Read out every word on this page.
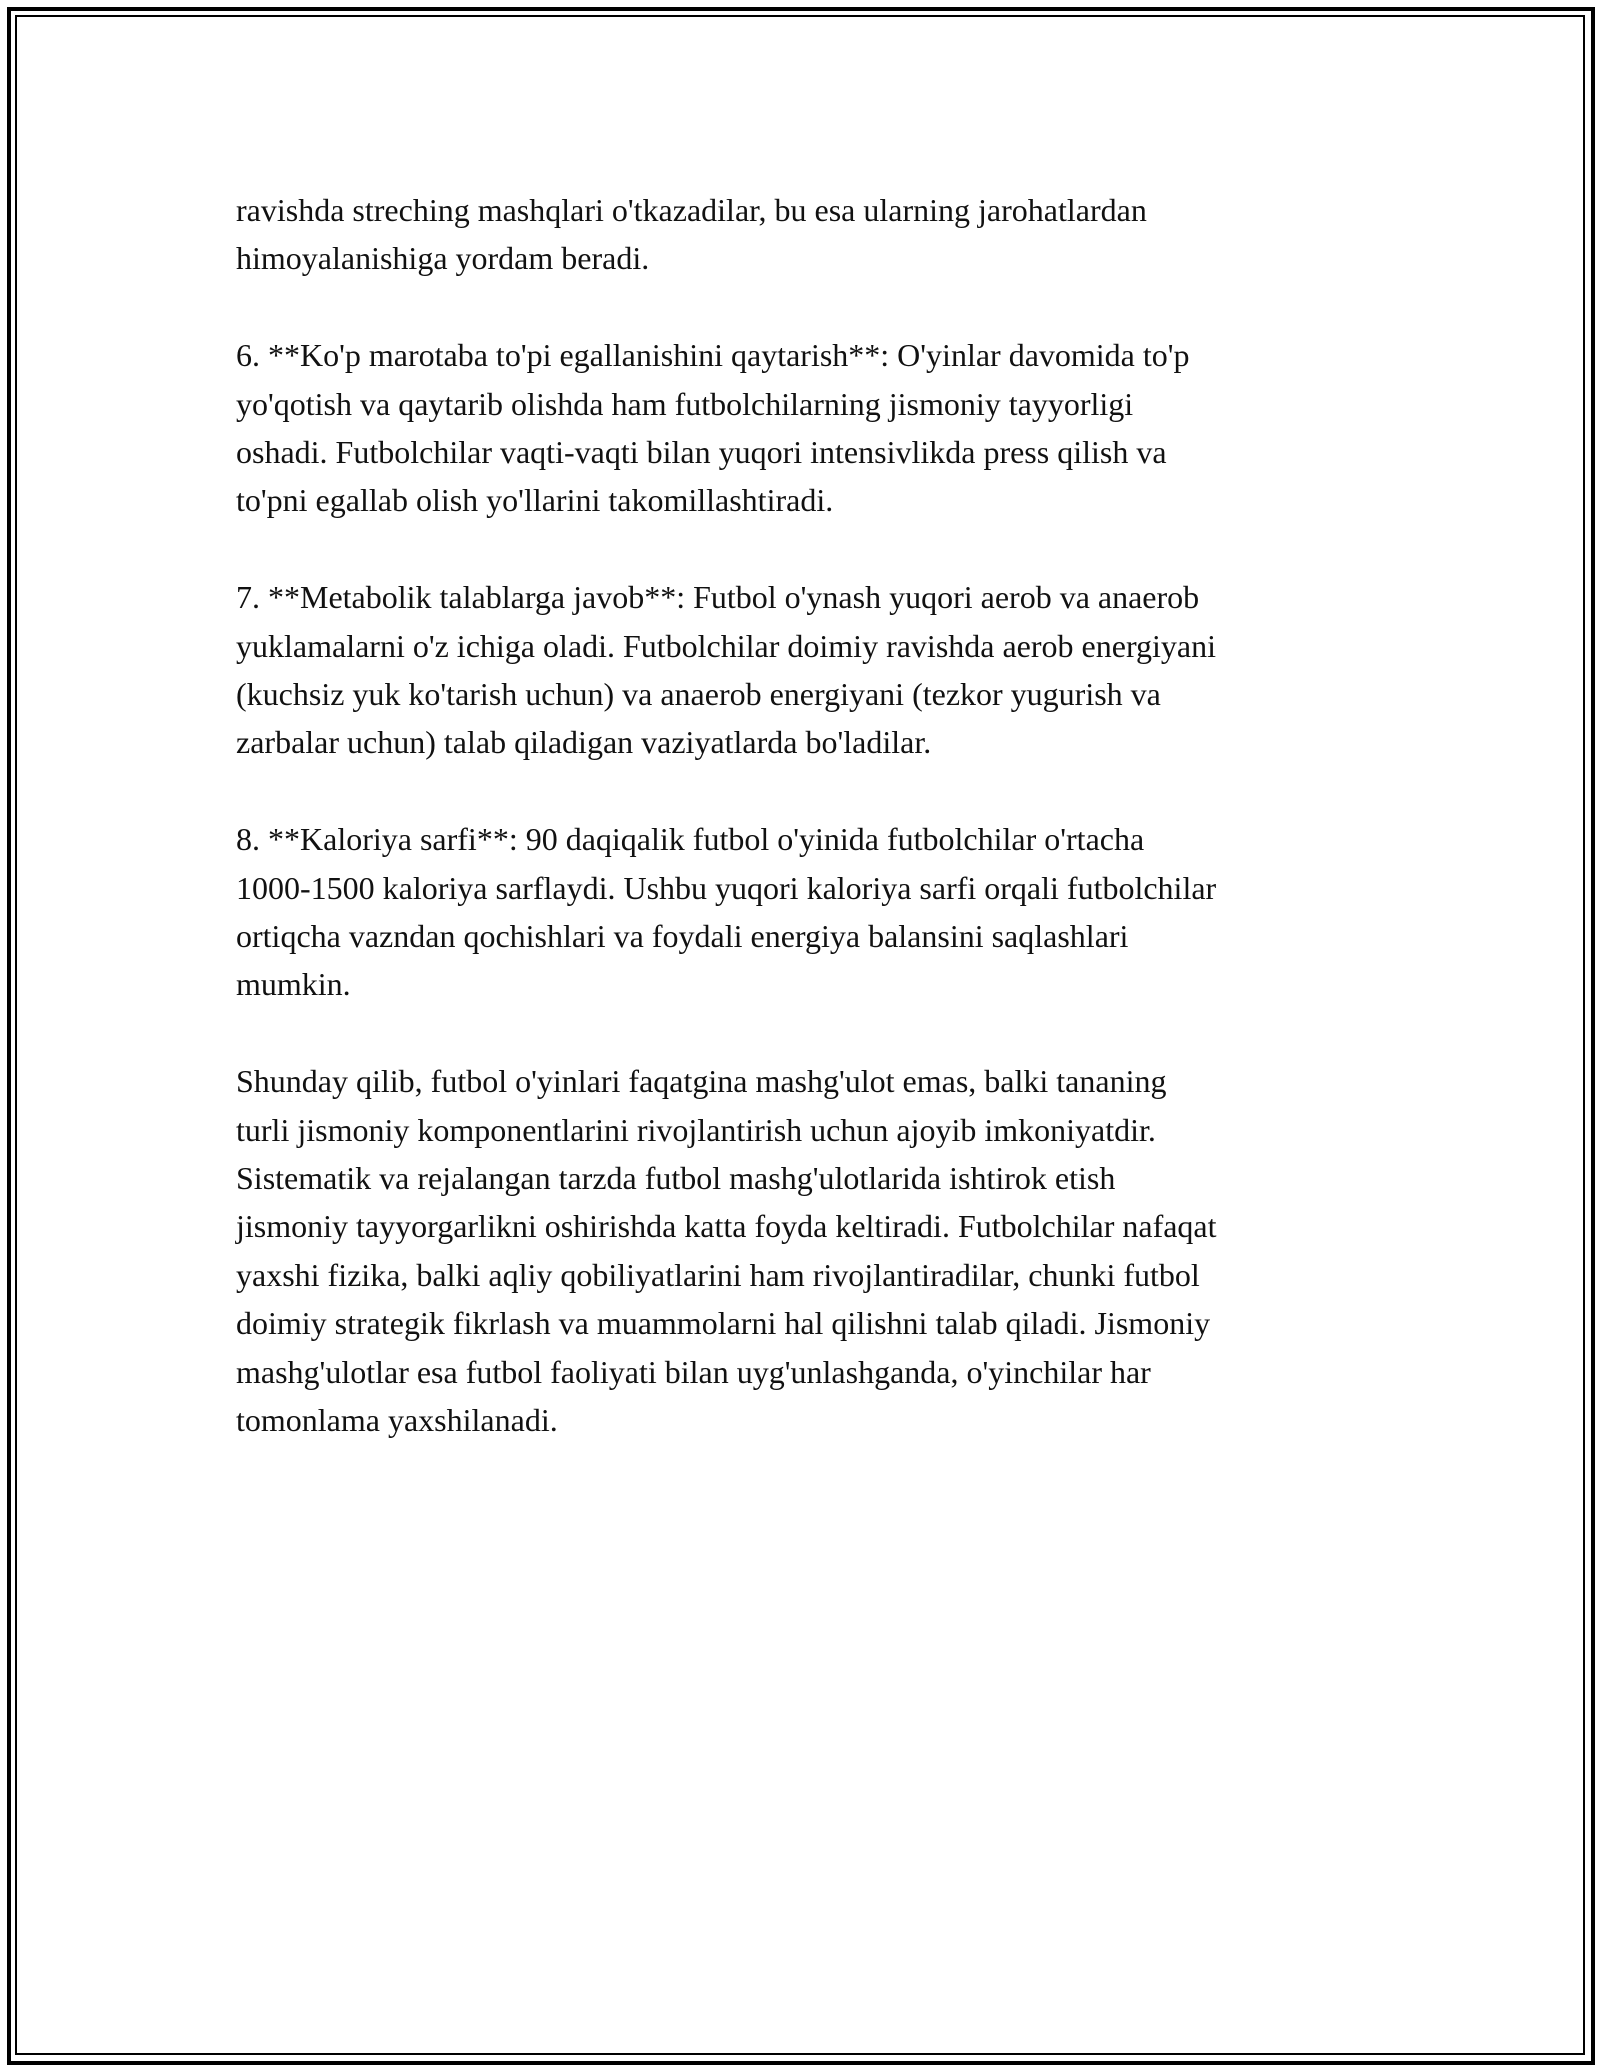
ravishda streching mashqlari o'tkazadilar, bu esa ularning jarohatlardan
himoyalanishiga yordam beradi.

6. **Ko'p marotaba to'pi egallanishini qaytarish**: O'yinlar davomida to'p
yo'qotish va qaytarib olishda ham futbolchilarning jismoniy tayyorligi
oshadi. Futbolchilar vaqti-vaqti bilan yuqori intensivlikda press qilish va
to'pni egallab olish yo'llarini takomillashtiradi.

7. **Metabolik talablarga javob**: Futbol o'ynash yuqori aerob va anaerob
yuklamalarni o'z ichiga oladi. Futbolchilar doimiy ravishda aerob energiyani
(kuchsiz yuk ko'tarish uchun) va anaerob energiyani (tezkor yugurish va
zarbalar uchun) talab qiladigan vaziyatlarda bo'ladilar.

8. **Kaloriya sarfi**: 90 daqiqalik futbol o'yinida futbolchilar o'rtacha
1000-1500 kaloriya sarflaydi. Ushbu yuqori kaloriya sarfi orqali futbolchilar
ortiqcha vazndan qochishlari va foydali energiya balansini saqlashlari
mumkin.

Shunday qilib, futbol o'yinlari faqatgina mashg'ulot emas, balki tananing
turli jismoniy komponentlarini rivojlantirish uchun ajoyib imkoniyatdir.
Sistematik va rejalangan tarzda futbol mashg'ulotlarida ishtirok etish
jismoniy tayyorgarlikni oshirishda katta foyda keltiradi. Futbolchilar nafaqat
yaxshi fizika, balki aqliy qobiliyatlarini ham rivojlantiradilar, chunki futbol
doimiy strategik fikrlash va muammolarni hal qilishni talab qiladi. Jismoniy
mashg'ulotlar esa futbol faoliyati bilan uyg'unlashganda, o'yinchilar har
tomonlama yaxshilanadi.
